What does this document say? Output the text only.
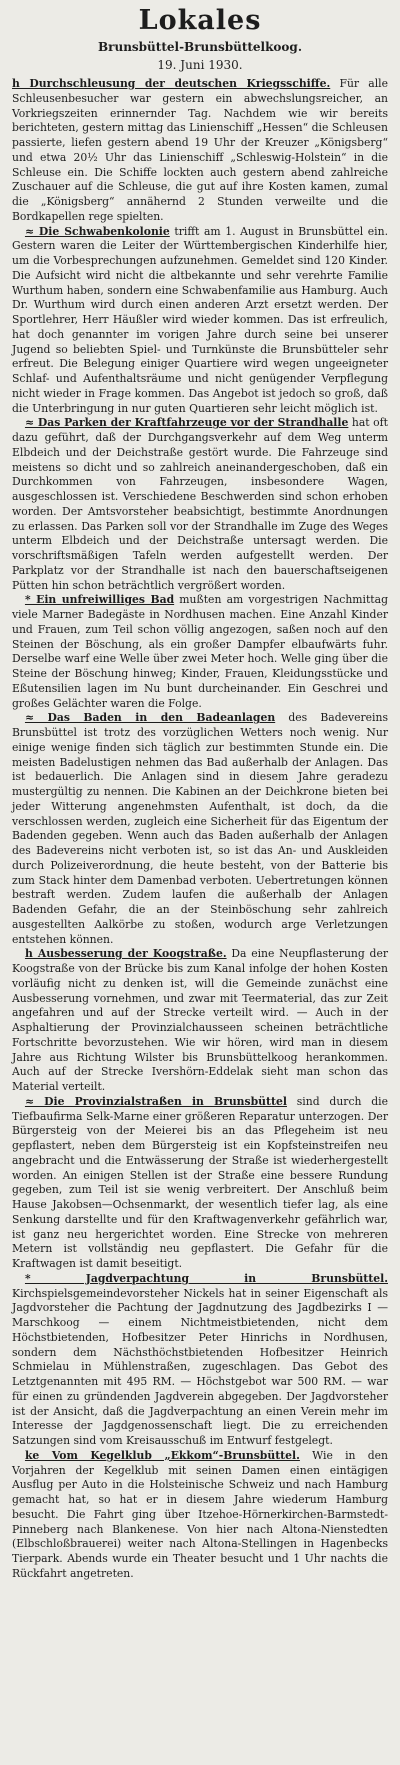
Lokales
Brunsbüttel-Brunsbüttelkoog.
19. Juni 1930.

h Durchschleusung der deutschen Kriegsschiffe. Für alle Schleusenbesucher war gestern ein abwechslungsreicher, an Vorkriegszeiten erinnernder Tag. Nachdem wie wir bereits berichteten, gestern mittag das Linienschiff „Hessen“ die Schleusen passierte, liefen gestern abend 19 Uhr der Kreuzer „Königsberg“ und etwa 20½ Uhr das Linienschiff „Schleswig-Holstein“ in die Schleuse ein. Die Schiffe lockten auch gestern abend zahlreiche Zuschauer auf die Schleuse, die gut auf ihre Kosten kamen, zumal die „Königsberg“ annähernd 2 Stunden verweilte und die Bordkapellen rege spielten.

≈ Die Schwabenkolonie trifft am 1. August in Brunsbüttel ein. Gestern waren die Leiter der Württembergischen Kinderhilfe hier, um die Vorbesprechungen aufzunehmen. Gemeldet sind 120 Kinder. Die Aufsicht wird nicht die altbekannte und sehr verehrte Familie Wurthum haben, sondern eine Schwabenfamilie aus Hamburg. Auch Dr. Wurthum wird durch einen anderen Arzt ersetzt werden. Der Sportlehrer, Herr Häußler wird wieder kommen. Das ist erfreulich, hat doch genannter im vorigen Jahre durch seine bei unserer Jugend so beliebten Spiel- und Turnkünste die Brunsbütteler sehr erfreut. Die Belegung einiger Quartiere wird wegen ungeeigneter Schlaf- und Aufenthaltsräume und nicht genügender Verpflegung nicht wieder in Frage kommen. Das Angebot ist jedoch so groß, daß die Unterbringung in nur guten Quartieren sehr leicht möglich ist.

≈ Das Parken der Kraftfahrzeuge vor der Strandhalle hat oft dazu geführt, daß der Durchgangsverkehr auf dem Weg unterm Elbdeich und der Deichstraße gestört wurde. Die Fahrzeuge sind meistens so dicht und so zahlreich aneinandergeschoben, daß ein Durchkommen von Fahrzeugen, insbesondere Wagen, ausgeschlossen ist. Verschiedene Beschwerden sind schon erhoben worden. Der Amtsvorsteher beabsichtigt, bestimmte Anordnungen zu erlassen. Das Parken soll vor der Strandhalle im Zuge des Weges unterm Elbdeich und der Deichstraße untersagt werden. Die vorschriftsmäßigen Tafeln werden aufgestellt werden. Der Parkplatz vor der Strandhalle ist nach den bauerschaftseigenen Pütten hin schon beträchtlich vergrößert worden.

* Ein unfreiwilliges Bad mußten am vorgestrigen Nachmittag viele Marner Badegäste in Nordhusen machen. Eine Anzahl Kinder und Frauen, zum Teil schon völlig angezogen, saßen noch auf den Steinen der Böschung, als ein großer Dampfer elbaufwärts fuhr. Derselbe warf eine Welle über zwei Meter hoch. Welle ging über die Steine der Böschung hinweg; Kinder, Frauen, Kleidungsstücke und Eßutensilien lagen im Nu bunt durcheinander. Ein Geschrei und großes Gelächter waren die Folge.

≈ Das Baden in den Badeanlagen des Badevereins Brunsbüttel ist trotz des vorzüglichen Wetters noch wenig. Nur einige wenige finden sich täglich zur bestimmten Stunde ein. Die meisten Badelustigen nehmen das Bad außerhalb der Anlagen. Das ist bedauerlich. Die Anlagen sind in diesem Jahre geradezu mustergültig zu nennen. Die Kabinen an der Deichkrone bieten bei jeder Witterung angenehmsten Aufenthalt, ist doch, da die verschlossen werden, zugleich eine Sicherheit für das Eigentum der Badenden gegeben. Wenn auch das Baden außerhalb der Anlagen des Badevereins nicht verboten ist, so ist das An- und Auskleiden durch Polizeiverordnung, die heute besteht, von der Batterie bis zum Stack hinter dem Damenbad verboten. Uebertretungen können bestraft werden. Zudem laufen die außerhalb der Anlagen Badenden Gefahr, die an der Steinböschung sehr zahlreich ausgestellten Aalkörbe zu stoßen, wodurch arge Verletzungen entstehen können.

h Ausbesserung der Koogstraße. Da eine Neupflasterung der Koogstraße von der Brücke bis zum Kanal infolge der hohen Kosten vorläufig nicht zu denken ist, will die Gemeinde zunächst eine Ausbesserung vornehmen, und zwar mit Teermaterial, das zur Zeit angefahren und auf der Strecke verteilt wird. — Auch in der Asphaltierung der Provinzialchausseen scheinen beträchtliche Fortschritte bevorzustehen. Wie wir hören, wird man in diesem Jahre aus Richtung Wilster bis Brunsbüttelkoog herankommen. Auch auf der Strecke Ivershörn-Eddelak sieht man schon das Material verteilt.

≈ Die Provinzialstraßen in Brunsbüttel sind durch die Tiefbaufirma Selk-Marne einer größeren Reparatur unterzogen. Der Bürgersteig von der Meierei bis an das Pflegeheim ist neu gepflastert, neben dem Bürgersteig ist ein Kopfsteinstreifen neu angebracht und die Entwässerung der Straße ist wiederhergestellt worden. An einigen Stellen ist der Straße eine bessere Rundung gegeben, zum Teil ist sie wenig verbreitert. Der Anschluß beim Hause Jakobsen—Ochsenmarkt, der wesentlich tiefer lag, als eine Senkung darstellte und für den Kraftwagenverkehr gefährlich war, ist ganz neu hergerichtet worden. Eine Strecke von mehreren Metern ist vollständig neu gepflastert. Die Gefahr für die Kraftwagen ist damit beseitigt.

* Jagdverpachtung in Brunsbüttel. Kirchspielsgemeindevorsteher Nickels hat in seiner Eigenschaft als Jagdvorsteher die Pachtung der Jagdnutzung des Jagdbezirks I — Marschkoog — einem Nichtmeistbietenden, nicht dem Höchstbietenden, Hofbesitzer Peter Hinrichs in Nordhusen, sondern dem Nächsthöchstbietenden Hofbesitzer Heinrich Schmielau in Mühlenstraßen, zugeschlagen. Das Gebot des Letztgenannten mit 495 RM. — Höchstgebot war 500 RM. — war für einen zu gründenden Jagdverein abgegeben. Der Jagdvorsteher ist der Ansicht, daß die Jagdverpachtung an einen Verein mehr im Interesse der Jagdgenossenschaft liegt. Die zu erreichenden Satzungen sind vom Kreisausschuß im Entwurf festgelegt.

ke Vom Kegelklub „Ekkom“-Brunsbüttel. Wie in den Vorjahren der Kegelklub mit seinen Damen einen eintägigen Ausflug per Auto in die Holsteinische Schweiz und nach Hamburg gemacht hat, so hat er in diesem Jahre wiederum Hamburg besucht. Die Fahrt ging über Itzehoe-Hörnerkirchen-Barmstedt-Pinneberg nach Blankenese. Von hier nach Altona-Nienstedten (Elbschloßbrauerei) weiter nach Altona-Stellingen in Hagenbecks Tierpark. Abends wurde ein Theater besucht und 1 Uhr nachts die Rückfahrt angetreten.
